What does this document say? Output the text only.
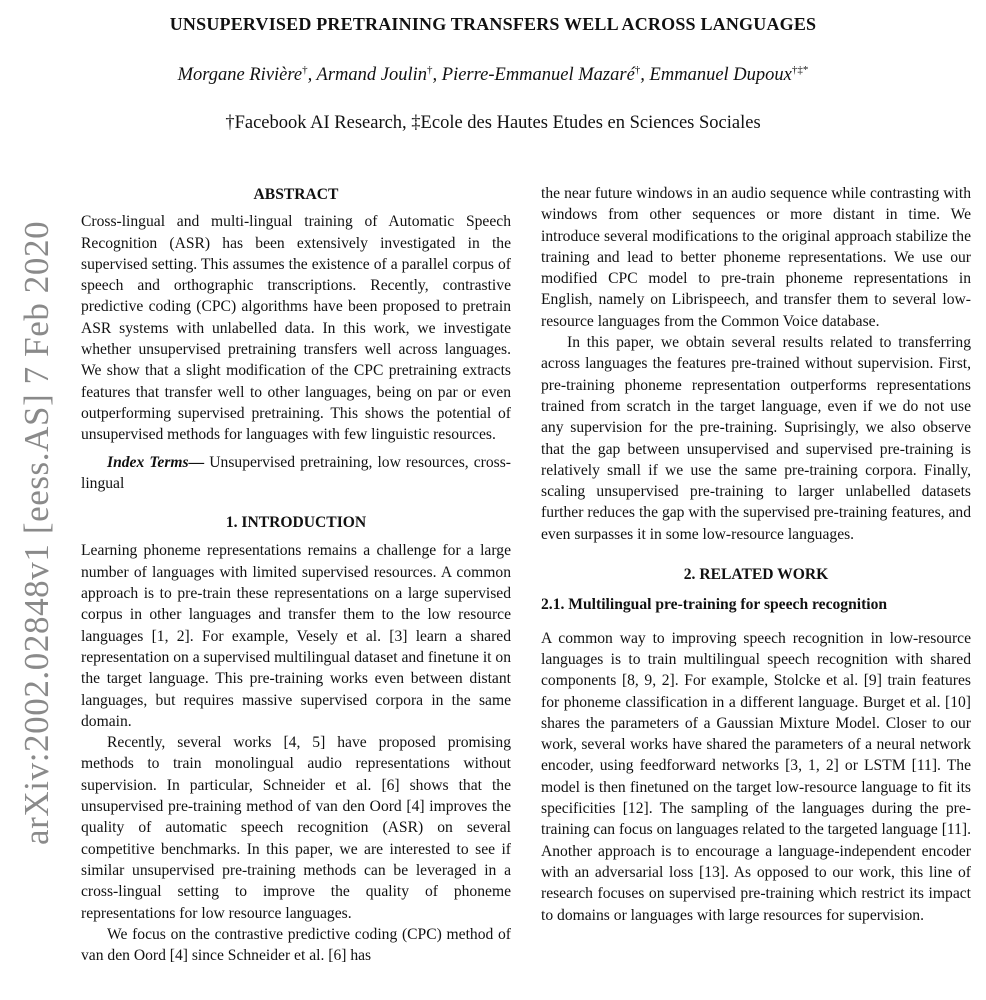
arXiv:2002.02848v1 [eess.AS] 7 Feb 2020
UNSUPERVISED PRETRAINING TRANSFERS WELL ACROSS LANGUAGES
Morgane Rivière†, Armand Joulin†, Pierre-Emmanuel Mazaré†, Emmanuel Dupoux†‡*
†Facebook AI Research, ‡Ecole des Hautes Etudes en Sciences Sociales
ABSTRACT

Cross-lingual and multi-lingual training of Automatic Speech Recognition (ASR) has been extensively investigated in the supervised setting. This assumes the existence of a parallel corpus of speech and orthographic transcriptions. Recently, contrastive predictive coding (CPC) algorithms have been proposed to pretrain ASR systems with unlabelled data. In this work, we investigate whether unsupervised pretraining transfers well across languages. We show that a slight modification of the CPC pretraining extracts features that transfer well to other languages, being on par or even outperforming supervised pretraining. This shows the potential of unsupervised methods for languages with few linguistic resources.

Index Terms— Unsupervised pretraining, low resources, cross-lingual

1. INTRODUCTION

Learning phoneme representations remains a challenge for a large number of languages with limited supervised resources. A common approach is to pre-train these representations on a large supervised corpus in other languages and transfer them to the low resource languages [1, 2]. For example, Vesely et al. [3] learn a shared representation on a supervised multilingual dataset and finetune it on the target language. This pre-training works even between distant languages, but requires massive supervised corpora in the same domain.

Recently, several works [4, 5] have proposed promising methods to train monolingual audio representations without supervision. In particular, Schneider et al. [6] shows that the unsupervised pre-training method of van den Oord [4] improves the quality of automatic speech recognition (ASR) on several competitive benchmarks. In this paper, we are interested to see if similar unsupervised pre-training methods can be leveraged in a cross-lingual setting to improve the quality of phoneme representations for low resource languages.

We focus on the contrastive predictive coding (CPC) method of van den Oord [4] since Schneider et al. [6] has

the near future windows in an audio sequence while contrasting with windows from other sequences or more distant in time. We introduce several modifications to the original approach stabilize the training and lead to better phoneme representations. We use our modified CPC model to pre-train phoneme representations in English, namely on Librispeech, and transfer them to several low-resource languages from the Common Voice database.

In this paper, we obtain several results related to transferring across languages the features pre-trained without supervision. First, pre-training phoneme representation outperforms representations trained from scratch in the target language, even if we do not use any supervision for the pre-training. Suprisingly, we also observe that the gap between unsupervised and supervised pre-training is relatively small if we use the same pre-training corpora. Finally, scaling unsupervised pre-training to larger unlabelled datasets further reduces the gap with the supervised pre-training features, and even surpasses it in some low-resource languages.

2. RELATED WORK
2.1. Multilingual pre-training for speech recognition

A common way to improving speech recognition in low-resource languages is to train multilingual speech recognition with shared components [8, 9, 2]. For example, Stolcke et al. [9] train features for phoneme classification in a different language. Burget et al. [10] shares the parameters of a Gaussian Mixture Model. Closer to our work, several works have shared the parameters of a neural network encoder, using feedforward networks [3, 1, 2] or LSTM [11]. The model is then finetuned on the target low-resource language to fit its specificities [12]. The sampling of the languages during the pre-training can focus on languages related to the targeted language [11]. Another approach is to encourage a language-independent encoder with an adversarial loss [13]. As opposed to our work, this line of research focuses on supervised pre-training which restrict its impact to domains or languages with large resources for supervision.
